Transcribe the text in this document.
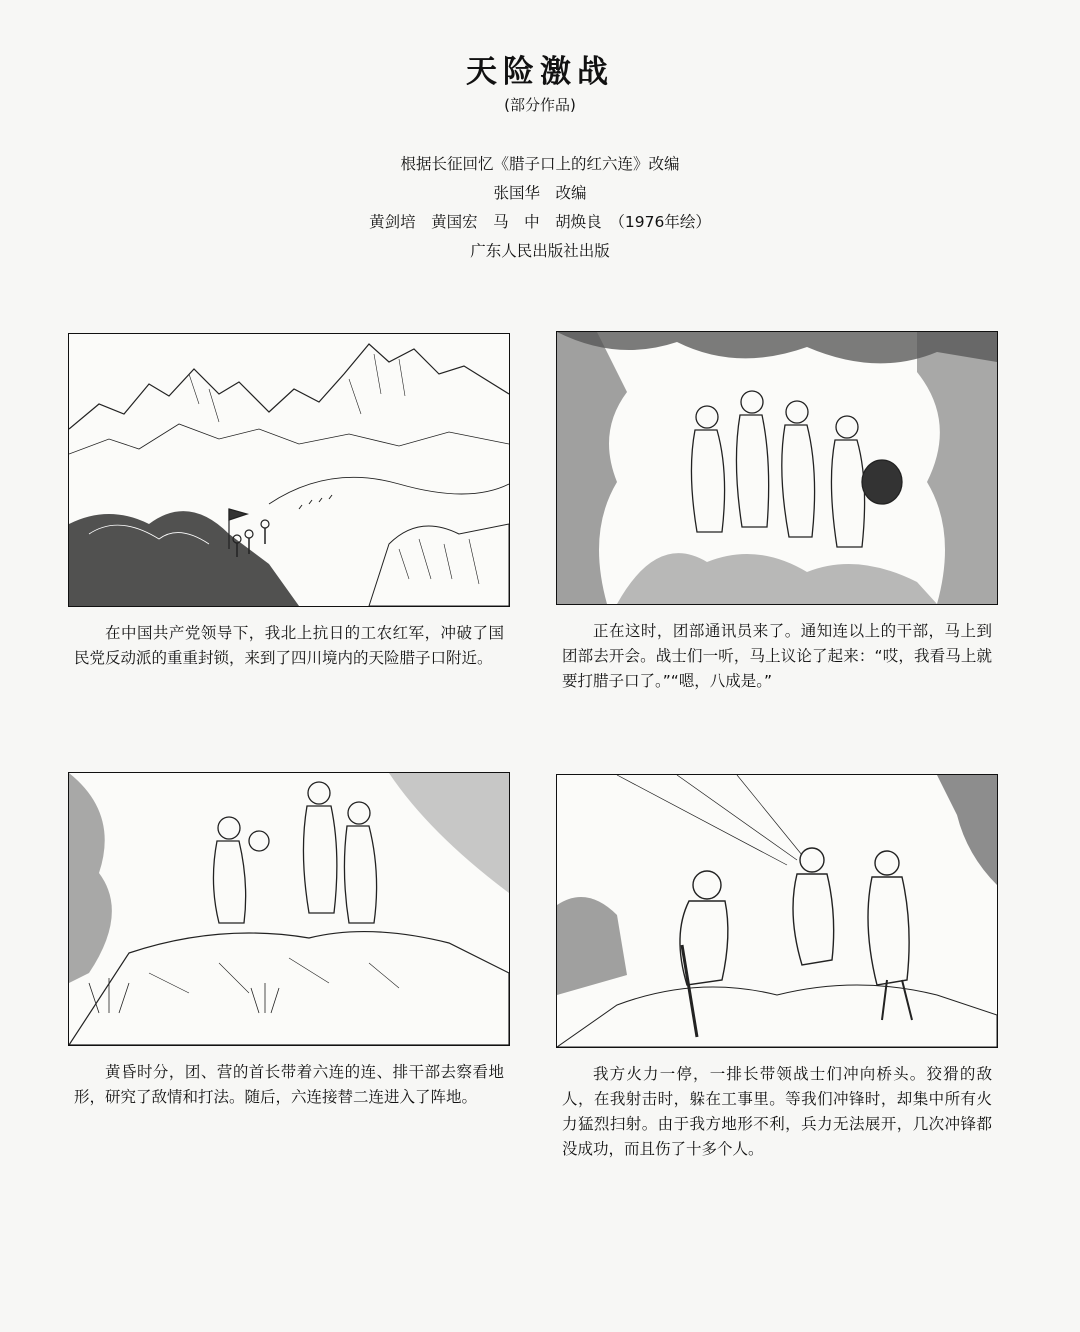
天险激战
(部分作品)
根据长征回忆《腊子口上的红六连》改编
张国华　改编
黄剑培　黄国宏　马　中　胡焕良　（1976年绘）
广东人民出版社出版
在中国共产党领导下，我北上抗日的工农红军，冲破了国民党反动派的重重封锁，来到了四川境内的天险腊子口附近。
正在这时，团部通讯员来了。通知连以上的干部，马上到团部去开会。战士们一听，马上议论了起来：“哎，我看马上就要打腊子口了。”“嗯，八成是。”
黄昏时分，团、营的首长带着六连的连、排干部去察看地形，研究了敌情和打法。随后，六连接替二连进入了阵地。
我方火力一停，一排长带领战士们冲向桥头。狡猾的敌人，在我射击时，躲在工事里。等我们冲锋时，却集中所有火力猛烈扫射。由于我方地形不利，兵力无法展开，几次冲锋都没成功，而且伤了十多个人。
